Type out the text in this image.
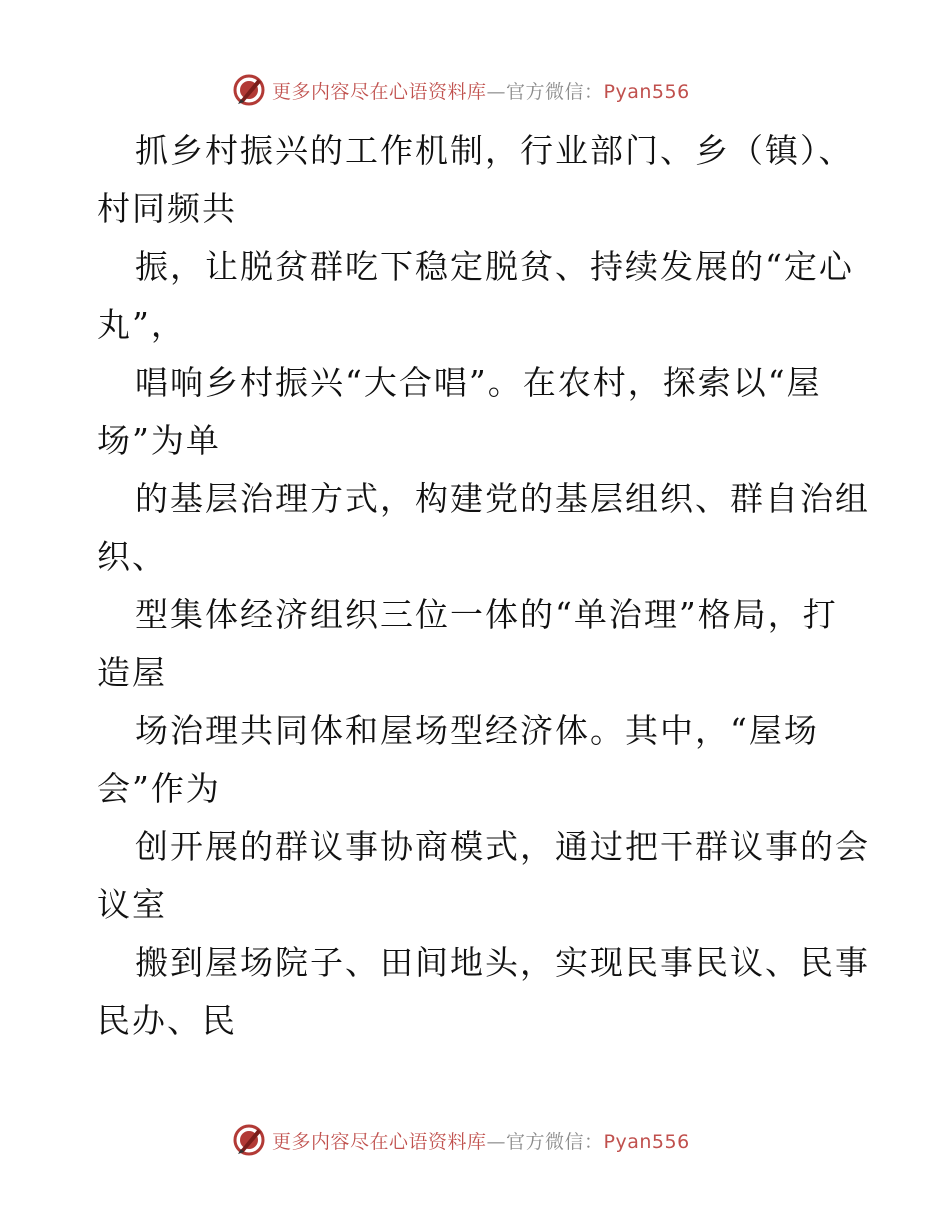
更多内容尽在心语资料库—官方微信：Pyan556
抓乡村振兴的工作机制，行业部门、乡（镇）、
村同频共
振，让脱贫群吃下稳定脱贫、持续发展的“定心
丸”，
唱响乡村振兴“大合唱”。在农村，探索以“屋
场”为单
的基层治理方式，构建党的基层组织、群自治组
织、
型集体经济组织三位一体的“单治理”格局，打
造屋
场治理共同体和屋场型经济体。其中，“屋场
会”作为
创开展的群议事协商模式，通过把干群议事的会
议室
搬到屋场院子、田间地头，实现民事民议、民事
民办、民
更多内容尽在心语资料库—官方微信：Pyan556
